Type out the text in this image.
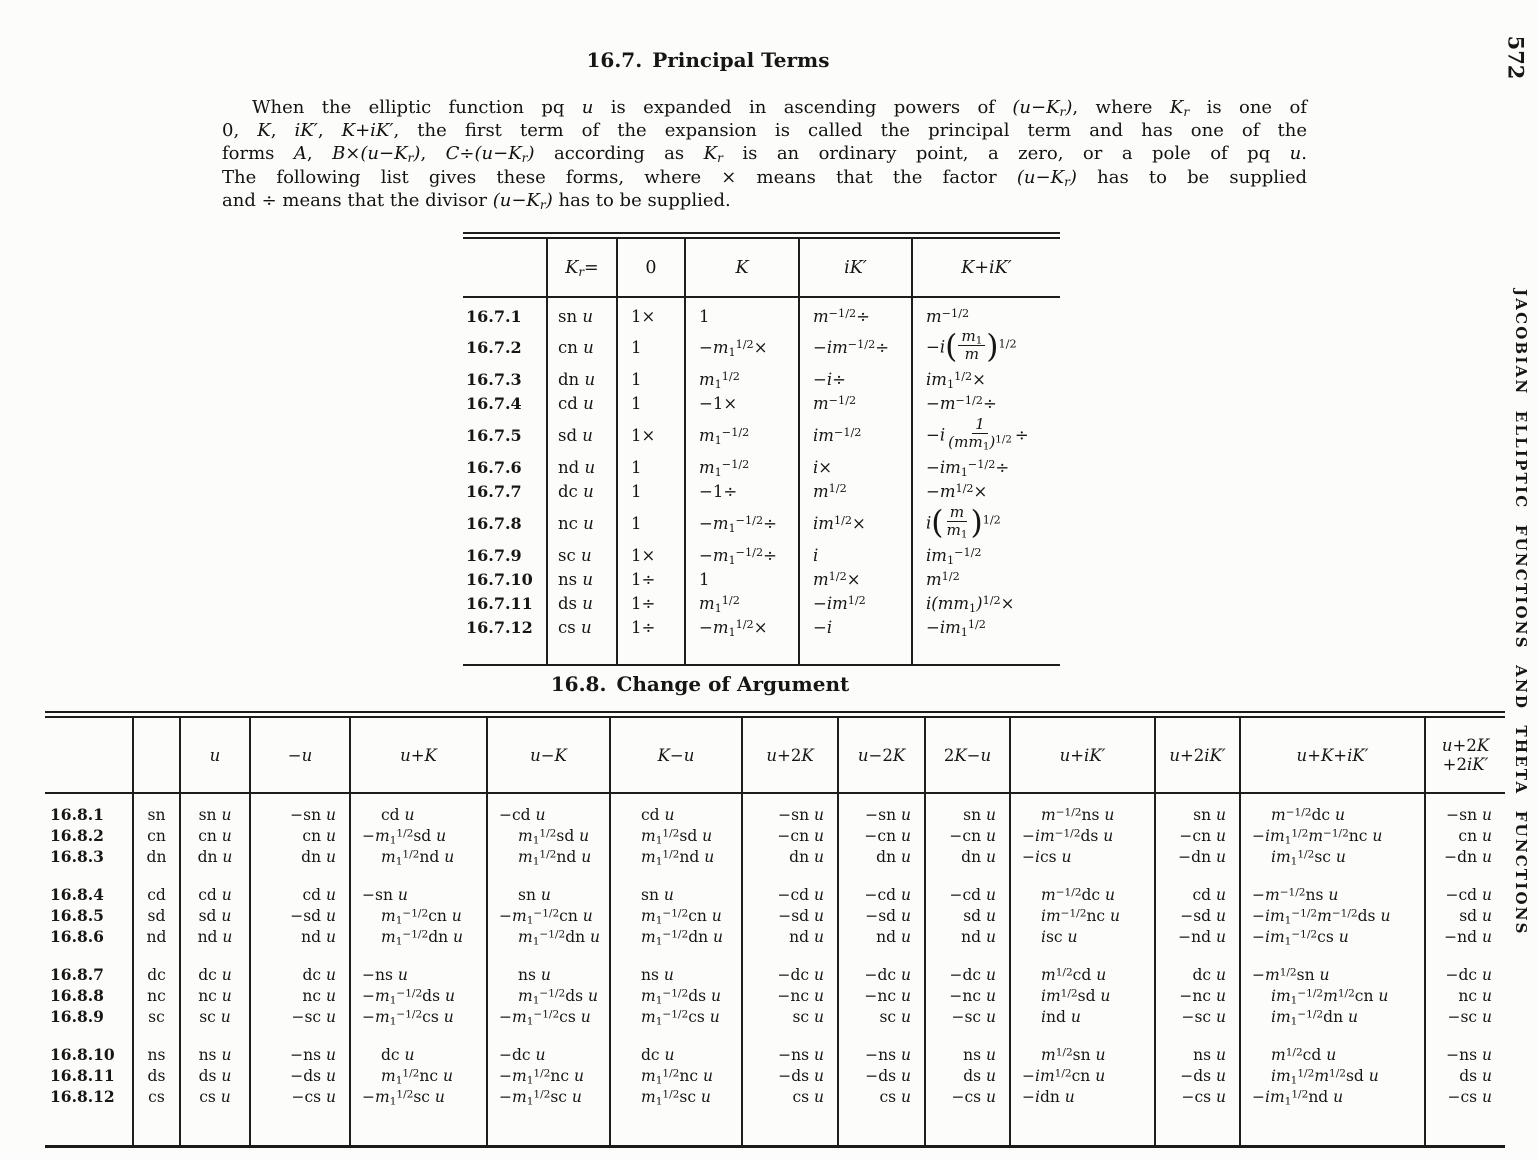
16.7. Principal Terms
When the elliptic function pq u is expanded in ascending powers of $(u-K_r)$, where $K_r$ is one of
0, K, iK′, K+iK′, the first term of the expansion is called the principal term and has one of the
forms A, $B\times(u-K_r)$, $C\div(u-K_r)$ according as $K_r$ is an ordinary point, a zero, or a pole of pq u.
The following list gives these forms, where × means that the factor $(u-K_r)$ has to be supplied
and ÷ means that the divisor $(u-K_r)$ has to be supplied.
	$K_r=$	0	K	iK′	K+iK′
16.7.1	sn u	1×	1	$m^{-1/2}\div$	$m^{-1/2}$
16.7.2	cn u	1	$-m_1^{1/2}\times$	$-im^{-1/2}\div$	$-i( \frac{m_1}{m} )^{1/2}$
16.7.3	dn u	1	$m_1^{1/2}$	−i÷	$im_1^{1/2}\times$
16.7.4	cd u	1	−1×	$m^{-1/2}$	$-m^{-1/2}\div$
16.7.5	sd u	1×	$m_1^{-1/2}$	$im^{-1/2}$	$-i \frac{1}{(mm_1)^{1/2}}$ ÷
16.7.6	nd u	1	$m_1^{-1/2}$	i×	$-im_1^{-1/2}\div$
16.7.7	dc u	1	−1÷	$m^{1/2}$	$-m^{1/2}\times$
16.7.8	nc u	1	$-m_1^{-1/2}\div$	$im^{1/2}\times$	$i( \frac{m}{m_1} )^{1/2}$
16.7.9	sc u	1×	$-m_1^{-1/2}\div$	i	$im_1^{-1/2}$
16.7.10	ns u	1÷	1	$m^{1/2}\times$	$m^{1/2}$
16.7.11	ds u	1÷	$m_1^{1/2}$	$-im^{1/2}$	$i(mm_1)^{1/2}\times$
16.7.12	cs u	1÷	$-m_1^{1/2}\times$	−i	$-im_1^{1/2}$

16.8. Change of Argument
		u	−u	u+K	u−K	K−u	u+2K	u−2K	2K−u	u+iK′	u+2iK′	u+K+iK′	u+2K
+2iK′

16.8.1	sn	sn u	−sn u	cd u	−cd u	cd u	−sn u	−sn u	sn u	$m^{-1/2}ns$ u	sn u	$m^{-1/2}dc$ u	−sn u
16.8.2	cn	cn u	cn u	$-m_1^{1/2}sd$ u	$m_1^{1/2}sd$ u	$m_1^{1/2}sd$ u	−cn u	−cn u	−cn u	$-im^{-1/2}ds$ u	−cn u	$-im_1^{1/2}m^{-1/2}nc$ u	cn u
16.8.3	dn	dn u	dn u	$m_1^{1/2}nd$ u	$m_1^{1/2}nd$ u	$m_1^{1/2}nd$ u	dn u	dn u	dn u	−ics u	−dn u	$im_1^{1/2}sc$ u	−dn u

16.8.4	cd	cd u	cd u	−sn u	sn u	sn u	−cd u	−cd u	−cd u	$m^{-1/2}dc$ u	cd u	$-m^{-1/2}ns$ u	−cd u
16.8.5	sd	sd u	−sd u	$m_1^{-1/2}cn$ u	$-m_1^{-1/2}cn$ u	$m_1^{-1/2}cn$ u	−sd u	−sd u	sd u	$im^{-1/2}nc$ u	−sd u	$-im_1^{-1/2}m^{-1/2}ds$ u	sd u
16.8.6	nd	nd u	nd u	$m_1^{-1/2}dn$ u	$m_1^{-1/2}dn$ u	$m_1^{-1/2}dn$ u	nd u	nd u	nd u	isc u	−nd u	$-im_1^{-1/2}cs$ u	−nd u

16.8.7	dc	dc u	dc u	−ns u	ns u	ns u	−dc u	−dc u	−dc u	$m^{1/2}cd$ u	dc u	$-m^{1/2}sn$ u	−dc u
16.8.8	nc	nc u	nc u	$-m_1^{-1/2}ds$ u	$m_1^{-1/2}ds$ u	$m_1^{-1/2}ds$ u	−nc u	−nc u	−nc u	$im^{1/2}sd$ u	−nc u	$im_1^{-1/2}m^{1/2}cn$ u	nc u
16.8.9	sc	sc u	−sc u	$-m_1^{-1/2}cs$ u	$-m_1^{-1/2}cs$ u	$m_1^{-1/2}cs$ u	sc u	sc u	−sc u	ind u	−sc u	$im_1^{-1/2}dn$ u	−sc u

16.8.10	ns	ns u	−ns u	dc u	−dc u	dc u	−ns u	−ns u	ns u	$m^{1/2}sn$ u	ns u	$m^{1/2}cd$ u	−ns u
16.8.11	ds	ds u	−ds u	$m_1^{1/2}nc$ u	$-m_1^{1/2}nc$ u	$m_1^{1/2}nc$ u	−ds u	−ds u	ds u	$-im^{1/2}cn$ u	−ds u	$im_1^{1/2}m^{1/2}sd$ u	ds u
16.8.12	cs	cs u	−cs u	$-m_1^{1/2}sc$ u	$-m_1^{1/2}sc$ u	$m_1^{1/2}sc$ u	cs u	cs u	−cs u	−idn u	−cs u	$-im_1^{1/2}nd$ u	−cs u

572
JACOBIAN ELLIPTIC FUNCTIONS AND THETA FUNCTIONS
